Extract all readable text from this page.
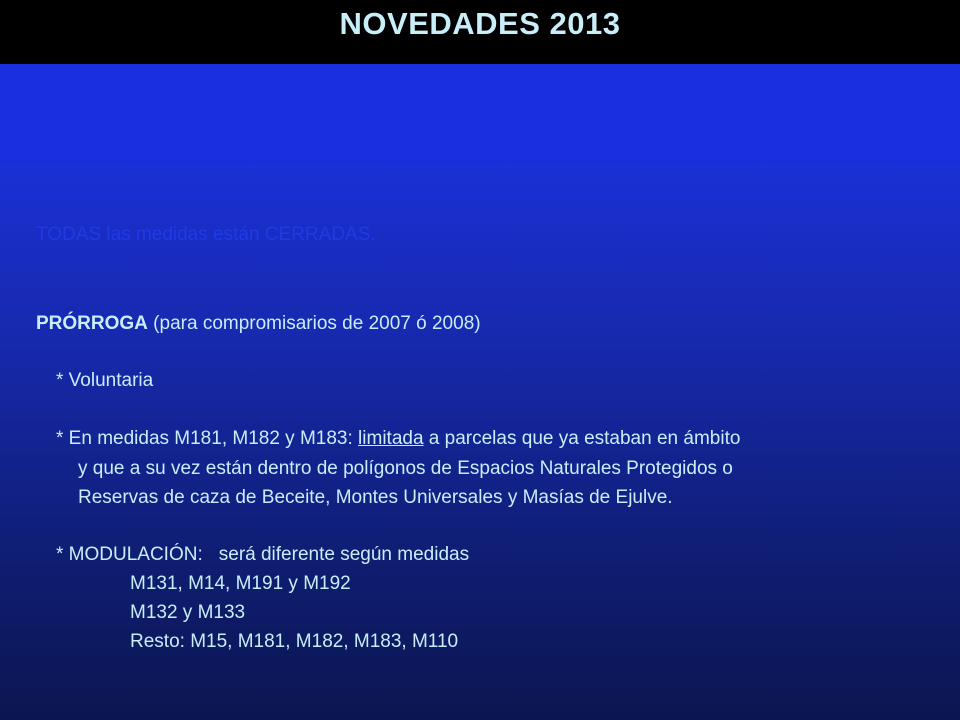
NOVEDADES 2013
TODAS las medidas están CERRADAS.
PRÓRROGA (para compromisarios de 2007 ó 2008)
* Voluntaria
* En medidas M181, M182 y M183: limitada a parcelas que ya estaban en ámbito
y que a su vez están dentro de polígonos de Espacios Naturales Protegidos o
Reservas de caza de Beceite, Montes Universales y Masías de Ejulve.
* MODULACIÓN: será diferente según medidas
M131, M14, M191 y M192
M132 y M133
Resto: M15, M181, M182, M183, M110
